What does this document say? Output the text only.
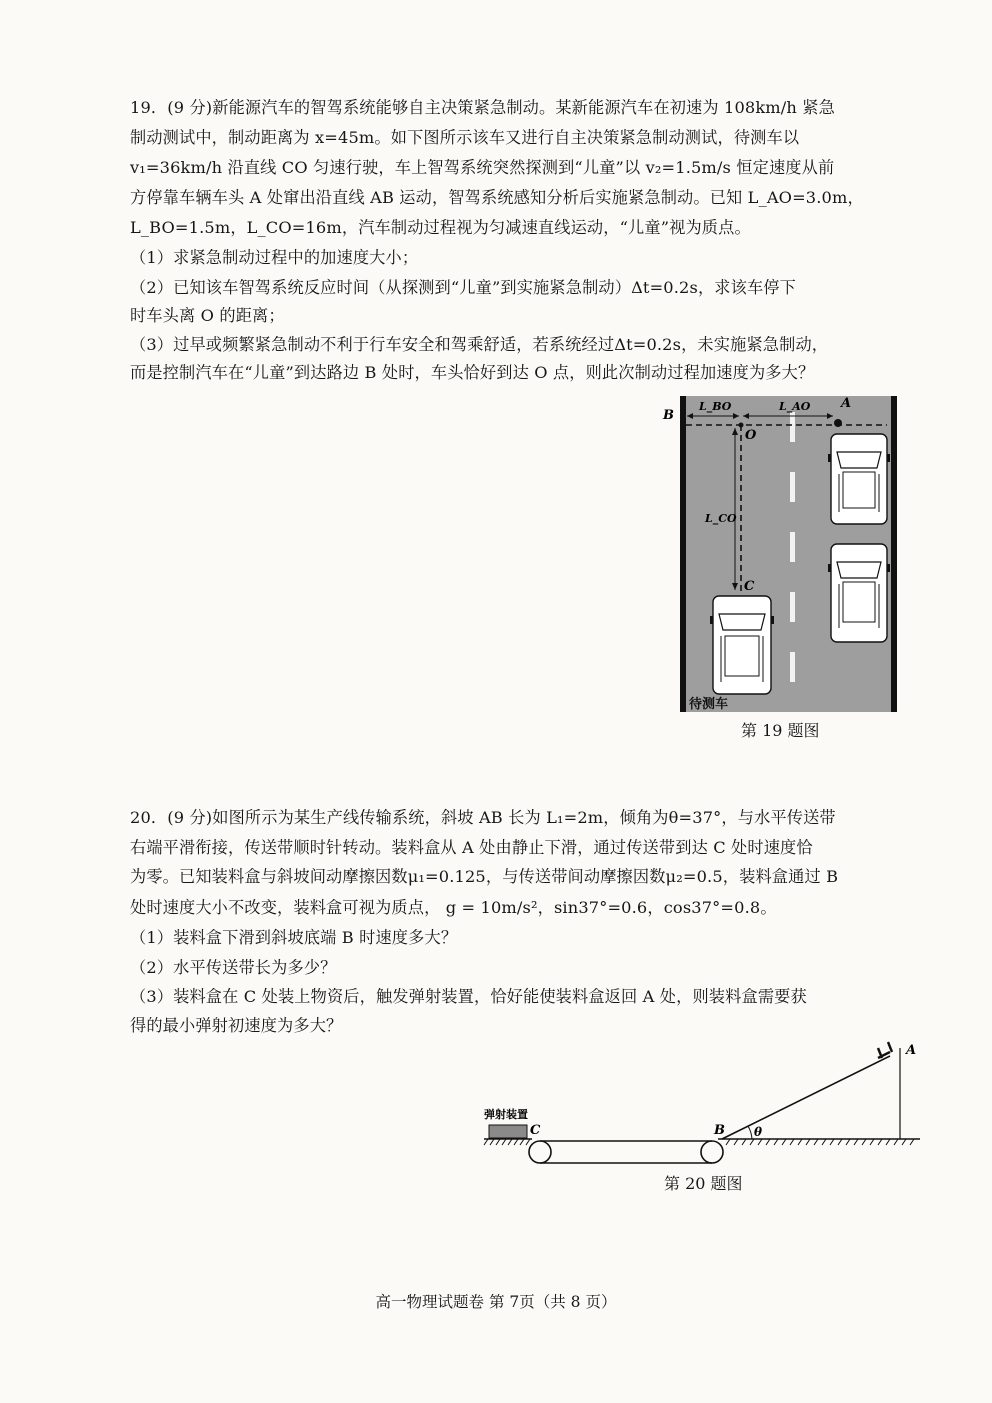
19．(9 分)新能源汽车的智驾系统能够自主决策紧急制动。某新能源汽车在初速为 108km/h 紧急
制动测试中，制动距离为 x=45m。如下图所示该车又进行自主决策紧急制动测试，待测车以
v₁=36km/h 沿直线 CO 匀速行驶，车上智驾系统突然探测到“儿童”以 v₂=1.5m/s 恒定速度从前
方停靠车辆车头 A 处窜出沿直线 AB 运动，智驾系统感知分析后实施紧急制动。已知 L_AO=3.0m，
L_BO=1.5m，L_CO=16m，汽车制动过程视为匀减速直线运动，“儿童”视为质点。
（1）求紧急制动过程中的加速度大小；
（2）已知该车智驾系统反应时间（从探测到“儿童”到实施紧急制动）Δt=0.2s，求该车停下
时车头离 O 的距离；
（3）过早或频繁紧急制动不利于行车安全和驾乘舒适，若系统经过Δt=0.2s，未实施紧急制动，
而是控制汽车在“儿童”到达路边 B 处时，车头恰好到达 O 点，则此次制动过程加速度为多大？
B
L_BO	L_AO A
O
L_CO
C
待测车
第 19 题图
20．(9 分)如图所示为某生产线传输系统，斜坡 AB 长为 L₁=2m，倾角为θ=37°，与水平传送带
右端平滑衔接，传送带顺时针转动。装料盒从 A 处由静止下滑，通过传送带到达 C 处时速度恰
为零。已知装料盒与斜坡间动摩擦因数μ₁=0.125，与传送带间动摩擦因数μ₂=0.5，装料盒通过 B
处时速度大小不改变，装料盒可视为质点， g = 10m/s²，sin37°=0.6，cos37°=0.8。
（1）装料盒下滑到斜坡底端 B 时速度多大？
（2）水平传送带长为多少？
（3）装料盒在 C 处装上物资后，触发弹射装置，恰好能使装料盒返回 A 处，则装料盒需要获
得的最小弹射初速度为多大？
弹射装置
C	B θ
A
第 20 题图
高一物理试题卷 第 7页（共 8 页）
